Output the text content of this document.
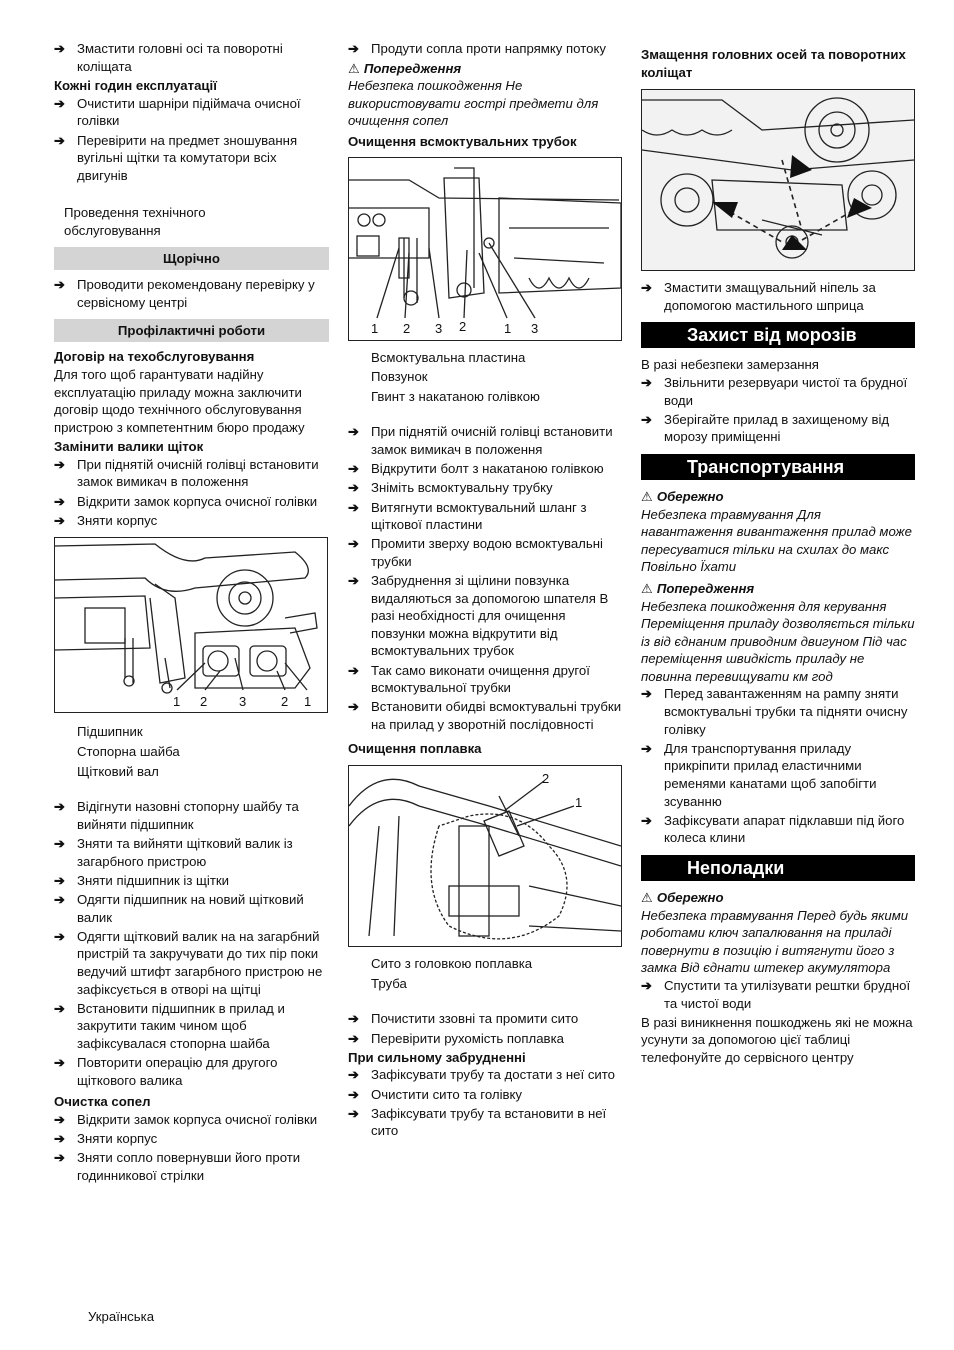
➔ Змастити головні осі та поворотні коліщата

Кожні годин експлуатації

➔ Очистити шарніри підіймача очисної голівки

➔ Перевірити на предмет зношування вугільні щітки та комутатори всіх двигунів

Проведення технічного обслуговування

Щорічно

➔ Проводити рекомендовану перевірку у сервісному центрі

Профілактичні роботи

Договір на техобслуговування

Для того щоб гарантувати надійну експлуатацію приладу можна заключити договір щодо технічного обслуговування пристрою з компетентним бюро продажу

Замінити валики щіток

➔ При піднятій очисній голівці встановити замок вимикач в положення

➔ Відкрити замок корпуса очисної голівки

➔ Зняти корпус

1 2 3	2 1

Підшипник

Стопорна шайба

Щітковий вал

➔ Відігнути назовні стопорну шайбу та вийняти підшипник

➔ Зняти та вийняти щітковий валик із загарбного пристрою

➔ Зняти підшипник із щітки

➔ Одягти підшипник на новий щітковий валик

➔ Одягти щітковий валик на на загарбний пристрій та закручувати до тих пір поки ведучий штифт загарбного пристрою не зафіксується в отворі на щітці

➔ Встановити підшипник в прилад и закрутити таким чином щоб зафіксувалася стопорна шайба

➔ Повторити операцію для другого щіткового валика

Очистка сопел

➔ Відкрити замок корпуса очисної голівки

➔ Зняти корпус

➔ Зняти сопло повернувши його проти годинникової стрілки

➔ Продути сопла проти напрямку потоку

⚠ Попередження

Небезпека пошкодження Не використовувати гострі предмети для очищення сопел

Очищення всмоктувальних трубок

1 2 3 2	1 3

Всмоктувальна пластина

Повзунок

Гвинт з накатаною голівкою

➔ При піднятій очисній голівці встановити замок вимикач в положення

➔ Відкрутити болт з накатаною голівкою

➔ Зніміть всмоктувальну трубку

➔ Витягнути всмоктувальний шланг з щіткової пластини

➔ Промити зверху водою всмоктувальні трубки

➔ Забруднення зі щілини повзунка видаляються за допомогою шпателя В разі необхідності для очищення повзунки можна відкрутити від всмоктувальних трубок

➔ Так само виконати очищення другої всмоктувальної трубки

➔ Встановити обидві всмоктувальні трубки на прилад у зворотній послідовності

Очищення поплавка

2
1

Сито з головкою поплавка

Труба

➔ Почистити ззовні та промити сито

➔ Перевірити рухомість поплавка

При сильному забрудненні

➔ Зафіксувати трубу та достати з неї сито

➔ Очистити сито та голівку

➔ Зафіксувати трубу та встановити в неї сито

Змащення головних осей та поворотних коліщат

➔ Змастити змащувальний ніпель за допомогою мастильного шприца

Захист від морозів

В разі небезпеки замерзання

➔ Звільнити резервуари чистої та брудної води

➔ Зберігайте прилад в захищеному від морозу приміщенні

Транспортування

⚠ Обережно

Небезпека травмування Для навантаження вивантаження прилад може пересуватися тільки на схилах до макс Повільно Їхати

⚠ Попередження

Небезпека пошкодження для керування Переміщення приладу дозволяється тільки із від єднаним приводним двигуном Під час переміщення швидкість приладу не повинна перевищувати км год

➔ Перед завантаженням на рампу зняти всмоктувальні трубки та підняти очисну голівку

➔ Для транспортування приладу прикріпити прилад еластичними ременями канатами щоб запобігти зсуванню

➔ Зафіксувати апарат підклавши під його колеса клини

Неполадки

⚠ Обережно

Небезпека травмування Перед будь якими роботами ключ запалювання на приладі повернути в позицію і витягнути його з замка Від єднати штекер акумулятора

➔ Спустити та утилізувати рештки брудної та чистої води

В разі виникнення пошкоджень які не можна усунути за допомогою цієї таблиці телефонуйте до сервісного центру

Українська
